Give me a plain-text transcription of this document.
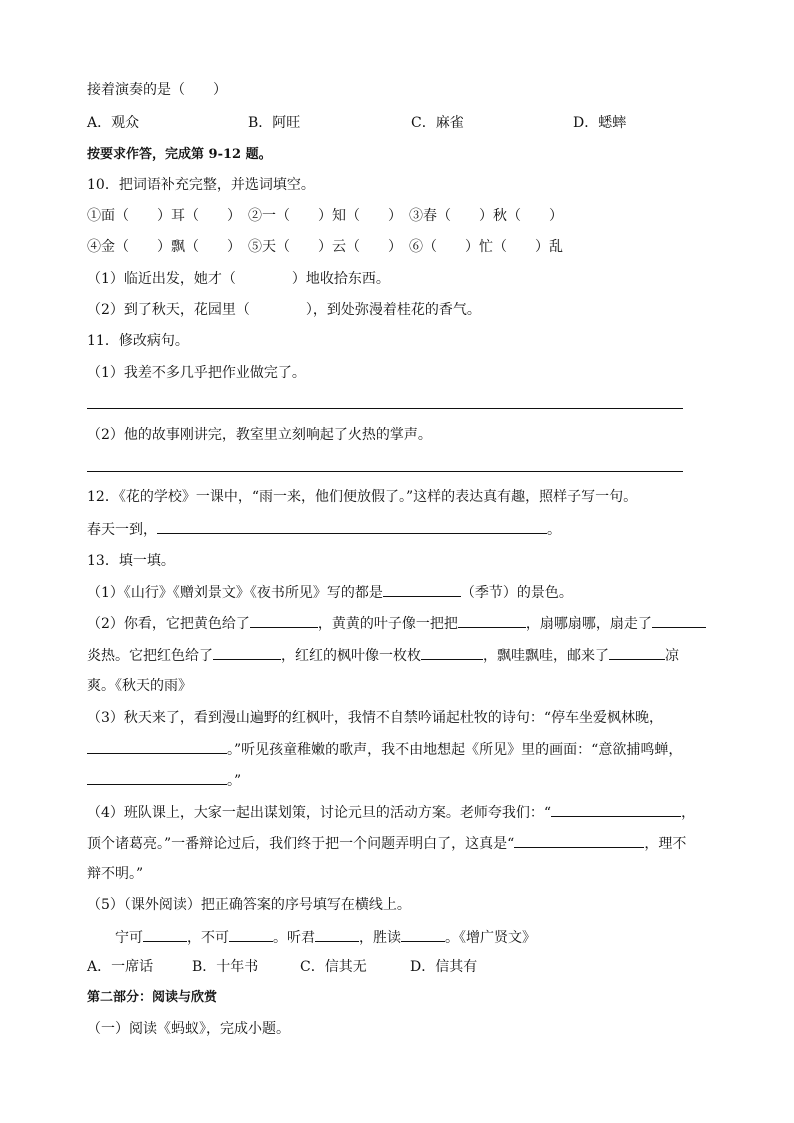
接着演奏的是（　　）
A．观众	B．阿旺	C．麻雀	D．蟋蟀
按要求作答，完成第 9-12 题。
10．把词语补充完整，并选词填空。
①面（　　）耳（　　）　②一（　　）知（　　）　③春（　　）秋（　　）
④金（　　）飘（　　）　⑤天（　　）云（　　）　⑥（　　）忙（　　）乱
（1）临近出发，她才（　　　　）地收拾东西。
（2）到了秋天，花园里（　　　　），到处弥漫着桂花的香气。
11．修改病句。
（1）我差不多几乎把作业做完了。
（2）他的故事刚讲完，教室里立刻响起了火热的掌声。
12．《花的学校》一课中，“雨一来，他们便放假了。”这样的表达真有趣，照样子写一句。
春天一到，	。
13．填一填。
（1）《山行》《赠刘景文》《夜书所见》写的都是	（季节）的景色。
（2）你看，它把黄色给了	，黄黄的叶子像一把把	，扇哪扇哪，扇走了
炎热。它把红色给了	，红红的枫叶像一枚枚	，飘哇飘哇，邮来了	凉
爽。《秋天的雨》
（3）秋天来了，看到漫山遍野的红枫叶，我情不自禁吟诵起杜牧的诗句：“停车坐爱枫林晚，
。”听见孩童稚嫩的歌声，我不由地想起《所见》里的画面：“意欲捕鸣蝉，
。”
（4）班队课上，大家一起出谋划策，讨论元旦的活动方案。老师夸我们：“	，
顶个诸葛亮。”一番辩论过后，我们终于把一个问题弄明白了，这真是“	，理不
辩不明。”
（5）（课外阅读）把正确答案的序号填写在横线上。
宁可	，不可	。听君	，胜读	。《增广贤文》
A．一席话	B．十年书	C．信其无	D．信其有
第二部分：阅读与欣赏
（一）阅读《蚂蚁》，完成小题。
